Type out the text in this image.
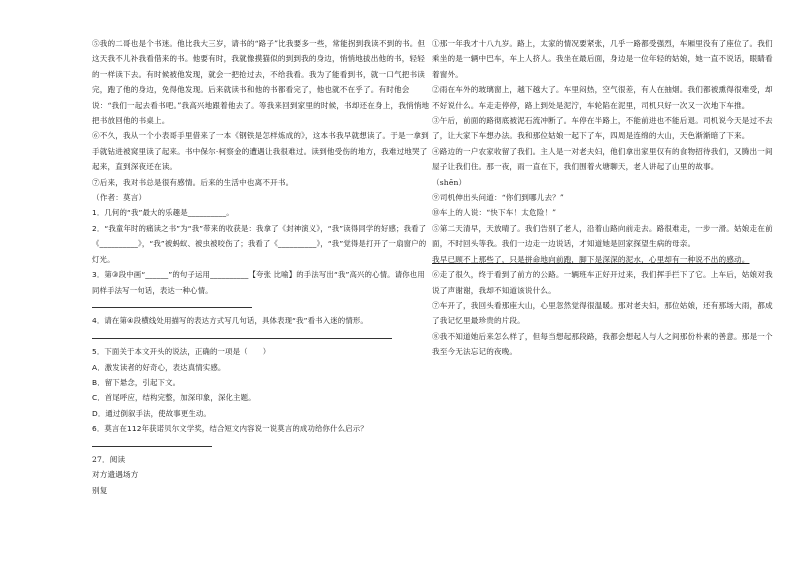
⑤我的二哥也是个书迷。他比我大三岁，请书的“路子”比我要多一些，常能拐到我读不到的书。但这天我不儿补我看借来的书。他要有时，我就像摸猫似的到到我的身边，悄悄地拔出他的书，轻轻的一样读下去。有时候被他发现，就会一把抢过去，不给我看。我为了能看到书，就一口气把书读完，跑了他的身边，免得他发现。后来就读书和他的书都看完了，他也就不在乎了。有时他会说：“我们一起去看书吧。”我高兴地跟着他去了。等我来回到家里的时候，书却还在身上，我悄悄地把书放回他的书桌上。

⑥不久，我从一个小表哥手里借来了一本《钢铁是怎样炼成的》，这本书我早就想读了。于是一拿到手就钻进被窝里读了起来。书中保尔·柯察金的遭遇让我很难过。读到他受伤的地方，我难过地哭了起来，直到深夜还在读。

⑦后来，我对书总是很有感情。后来的生活中也离不开书。

（作者：莫言）

1．几何的“我”最大的乐趣是__________。

2．“我童年时的痛读之书”为“我”带来的收获是：我拿了《封神演义》，“我”读得同学的好感；我看了《__________》，“我”被蚂蚁、被虫被咬伤了；我看了《__________》，“我”觉得是打开了一扇窗户的灯光。

3．第③段中画“______”的句子运用__________【夸张 比喻】的手法写出“我”高兴的心情。请你也用同样手法写一句话，表达一种心情。

4．请在第④段横线处用描写的表达方式写几句话，具体表现“我”看书入迷的情形。

5．下面关于本文开头的说法，正确的一项是（　　）

A．激发读者的好奇心，表达真情实感。

B．留下悬念，引起下文。

C．首尾呼应，结构完整，加深印象，深化主题。

D．通过倒叙手法，使故事更生动。

6．莫言在112年获诺贝尔文学奖，结合短文内容说一说莫言的成功给你什么启示？

27．阅读

对方遗遇场方

别复

①那一年我才十八九岁。路上，太家的情况要紧张，几乎一路都受强烈，车厢里没有了座位了。我们乘坐的是一辆中巴车，车上人挤人。我坐在最后面，身边是一位年轻的姑娘，她一直不说话，眼睛看着窗外。

②雨在车外的玻璃窗上，越下越大了。车里闷热，空气很差，有人在抽烟。我们都被熏得很难受，却不好说什么。车走走停停，路上到处是泥泞，车轮陷在泥里，司机只好一次又一次地下车推。

③午后，前面的路彻底被泥石流冲断了。车停在半路上，不能前进也不能后退。司机说今天是过不去了，让大家下车想办法。我和那位姑娘一起下了车，四周是连绵的大山，天色渐渐暗了下来。

④路边的一户农家收留了我们。主人是一对老夫妇，他们拿出家里仅有的食物招待我们，又腾出一间屋子让我们住。那一夜，雨一直在下，我们围着火塘聊天，老人讲起了山里的故事。

（shēn）

⑨司机伸出头问道：“你们到哪儿去？”

⑩车上的人说：“快下车！太危险！”

⑤第二天清早，天放晴了。我们告别了老人，沿着山路向前走去。路很难走，一步一滑。姑娘走在前面，不时回头等我。我们一边走一边说话，才知道她是回家探望生病的母亲。

我早已顾不上那些了，只是拼命地向前跑，脚下是深深的泥水，心里却有一种说不出的感动。

⑥走了很久，终于看到了前方的公路。一辆班车正好开过来，我们挥手拦下了它。上车后，姑娘对我说了声谢谢，我却不知道该说什么。

⑦车开了，我回头看那座大山，心里忽然觉得很温暖。那对老夫妇，那位姑娘，还有那场大雨，都成了我记忆里最珍贵的片段。

⑧我不知道她后来怎么样了，但每当想起那段路，我都会想起人与人之间那份朴素的善意。那是一个我至今无法忘记的夜晚。
